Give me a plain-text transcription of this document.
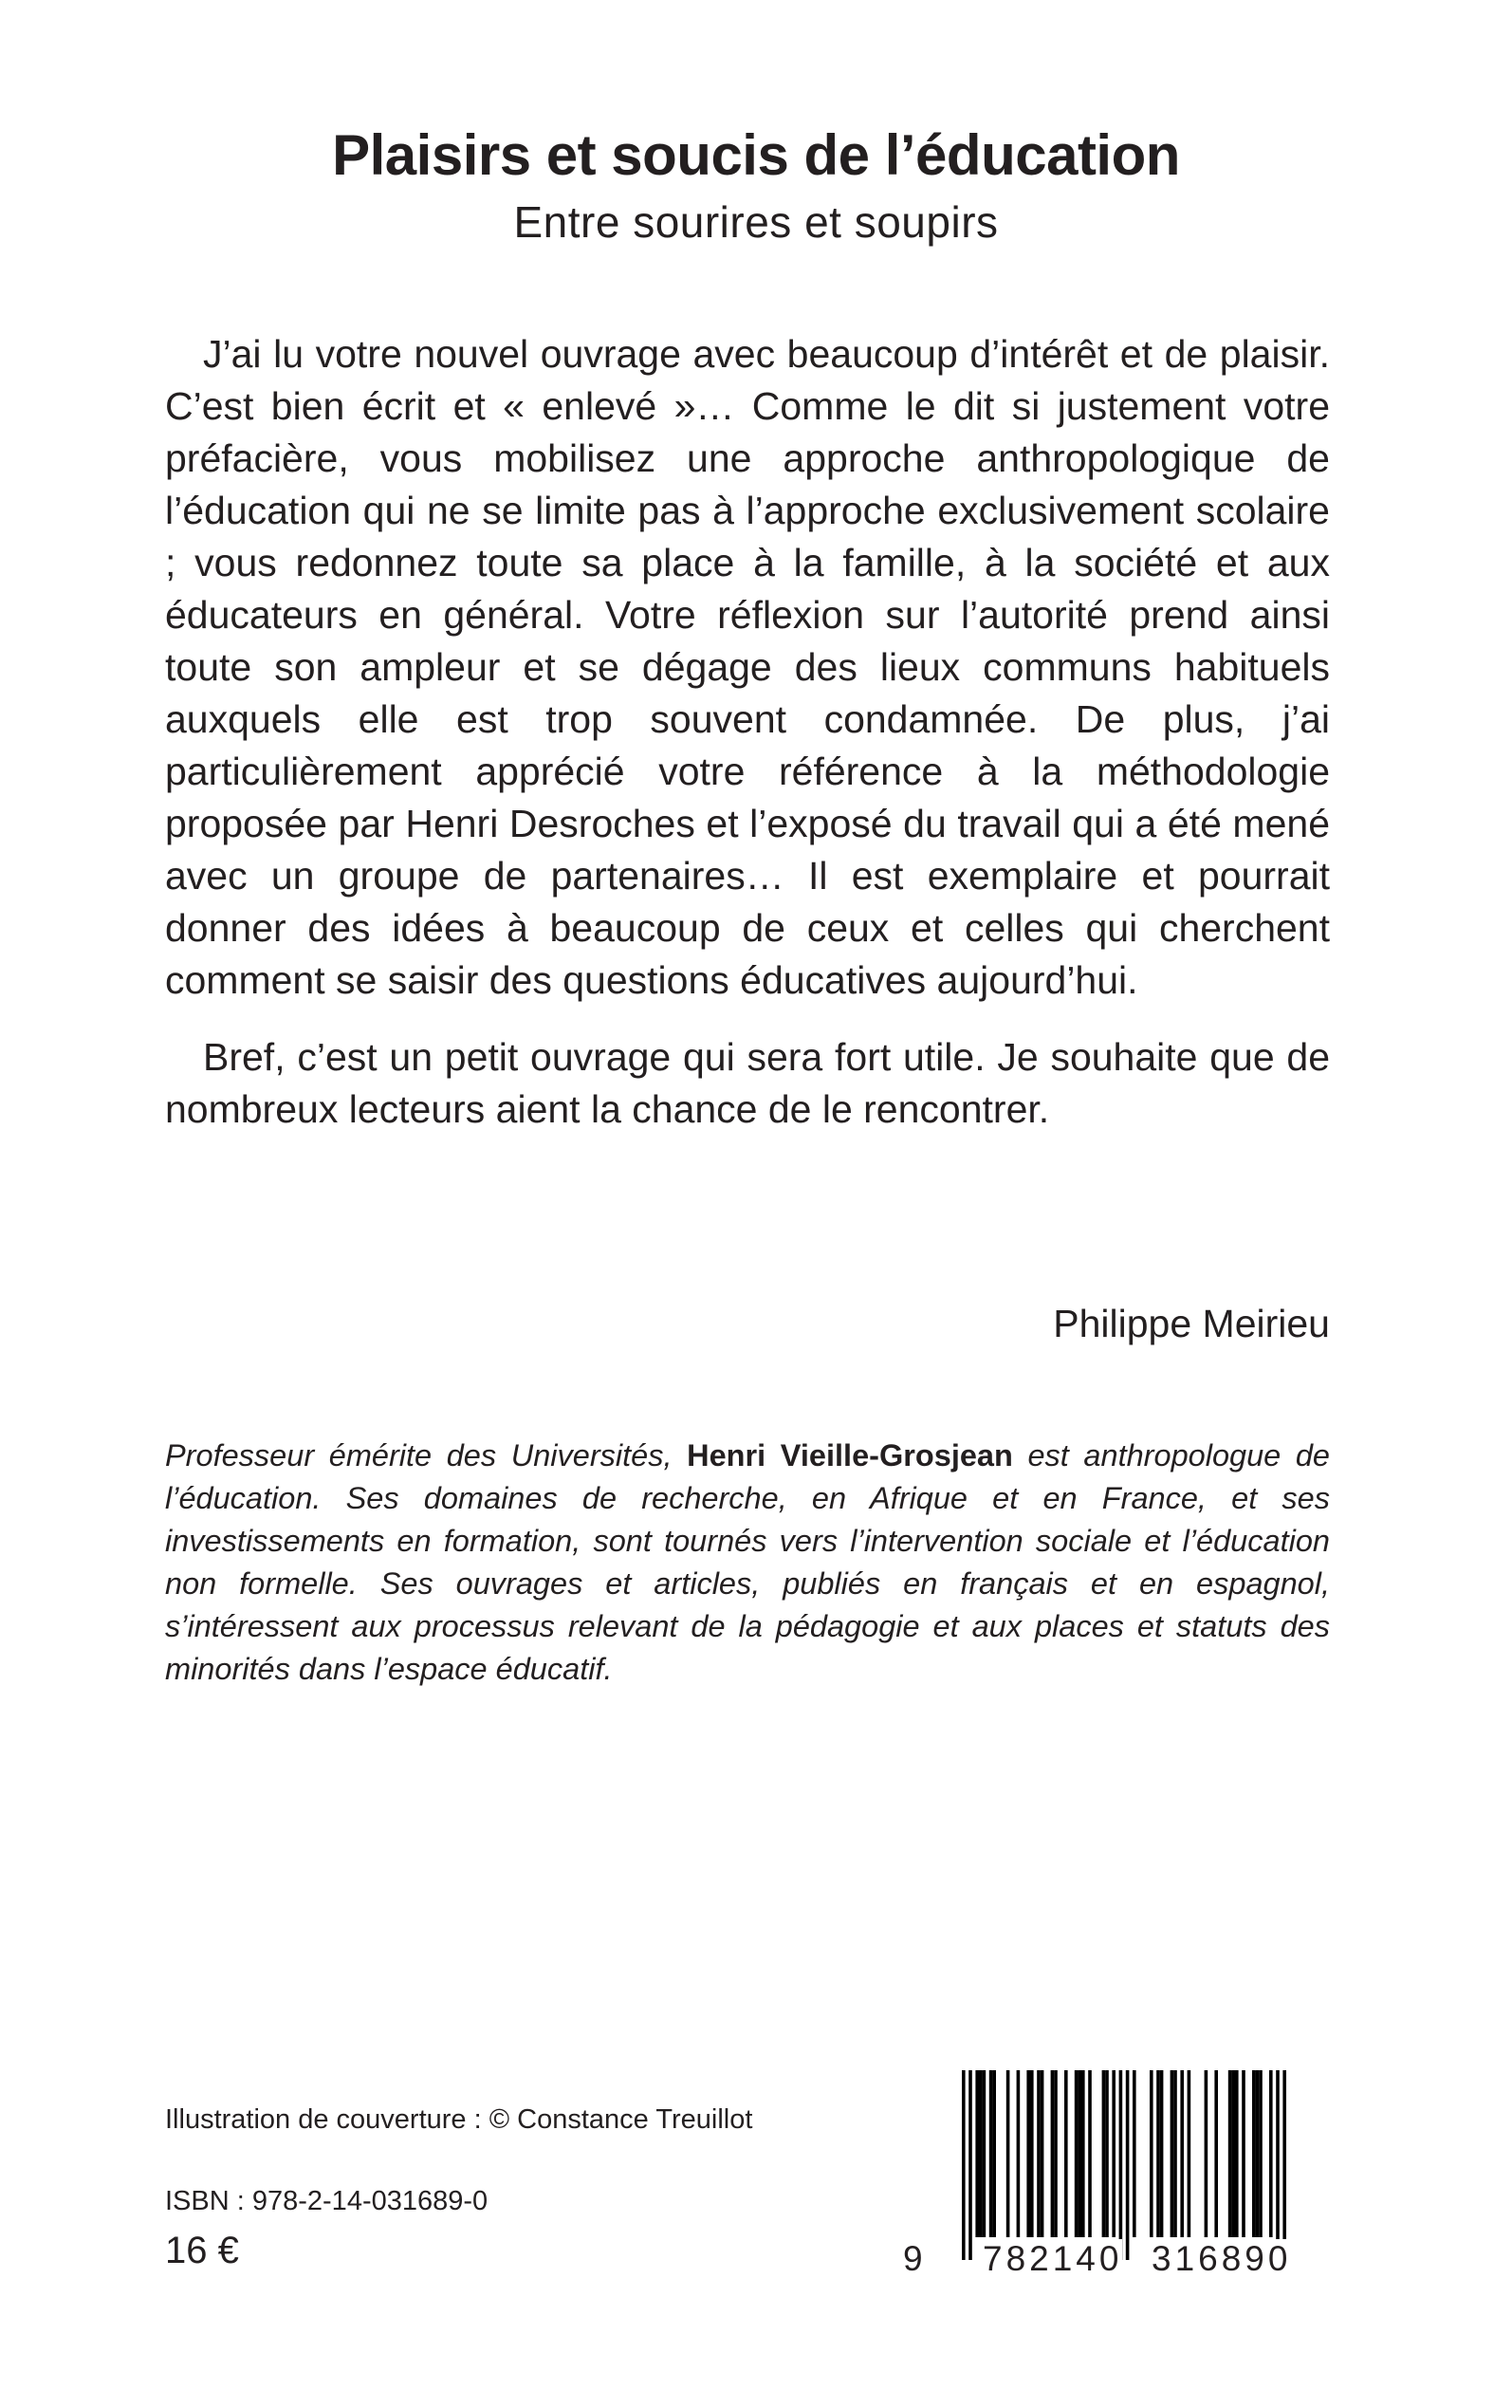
Plaisirs et soucis de l’éducation
Entre sourires et soupirs

J’ai lu votre nouvel ouvrage avec beaucoup d’intérêt et de plaisir. C’est bien écrit et « enlevé »… Comme le dit si justement votre préfacière, vous mobilisez une approche anthropologique de l’éducation qui ne se limite pas à l’approche exclusivement scolaire ; vous redonnez toute sa place à la famille, à la société et aux éducateurs en général. Votre réflexion sur l’autorité prend ainsi toute son ampleur et se dégage des lieux communs habituels auxquels elle est trop souvent condamnée. De plus, j’ai particulièrement apprécié votre référence à la méthodologie proposée par Henri Desroches et l’exposé du travail qui a été mené avec un groupe de partenaires… Il est exemplaire et pourrait donner des idées à beaucoup de ceux et celles qui cherchent comment se saisir des questions éducatives aujourd’hui.

Bref, c’est un petit ouvrage qui sera fort utile. Je souhaite que de nombreux lecteurs aient la chance de le rencontrer.

Philippe Meirieu
Professeur émérite des Universités, Henri Vieille-Grosjean est anthropologue de l’éducation. Ses domaines de recherche, en Afrique et en France, et ses investissements en formation, sont tournés vers l’intervention sociale et l’éducation non formelle. Ses ouvrages et articles, publiés en français et en espagnol, s’intéressent aux processus relevant de la pédagogie et aux places et statuts des minorités dans l’espace éducatif.
Illustration de couverture : © Constance Treuillot
ISBN : 978-2-14-031689-0
16 €	9 782140 316890
